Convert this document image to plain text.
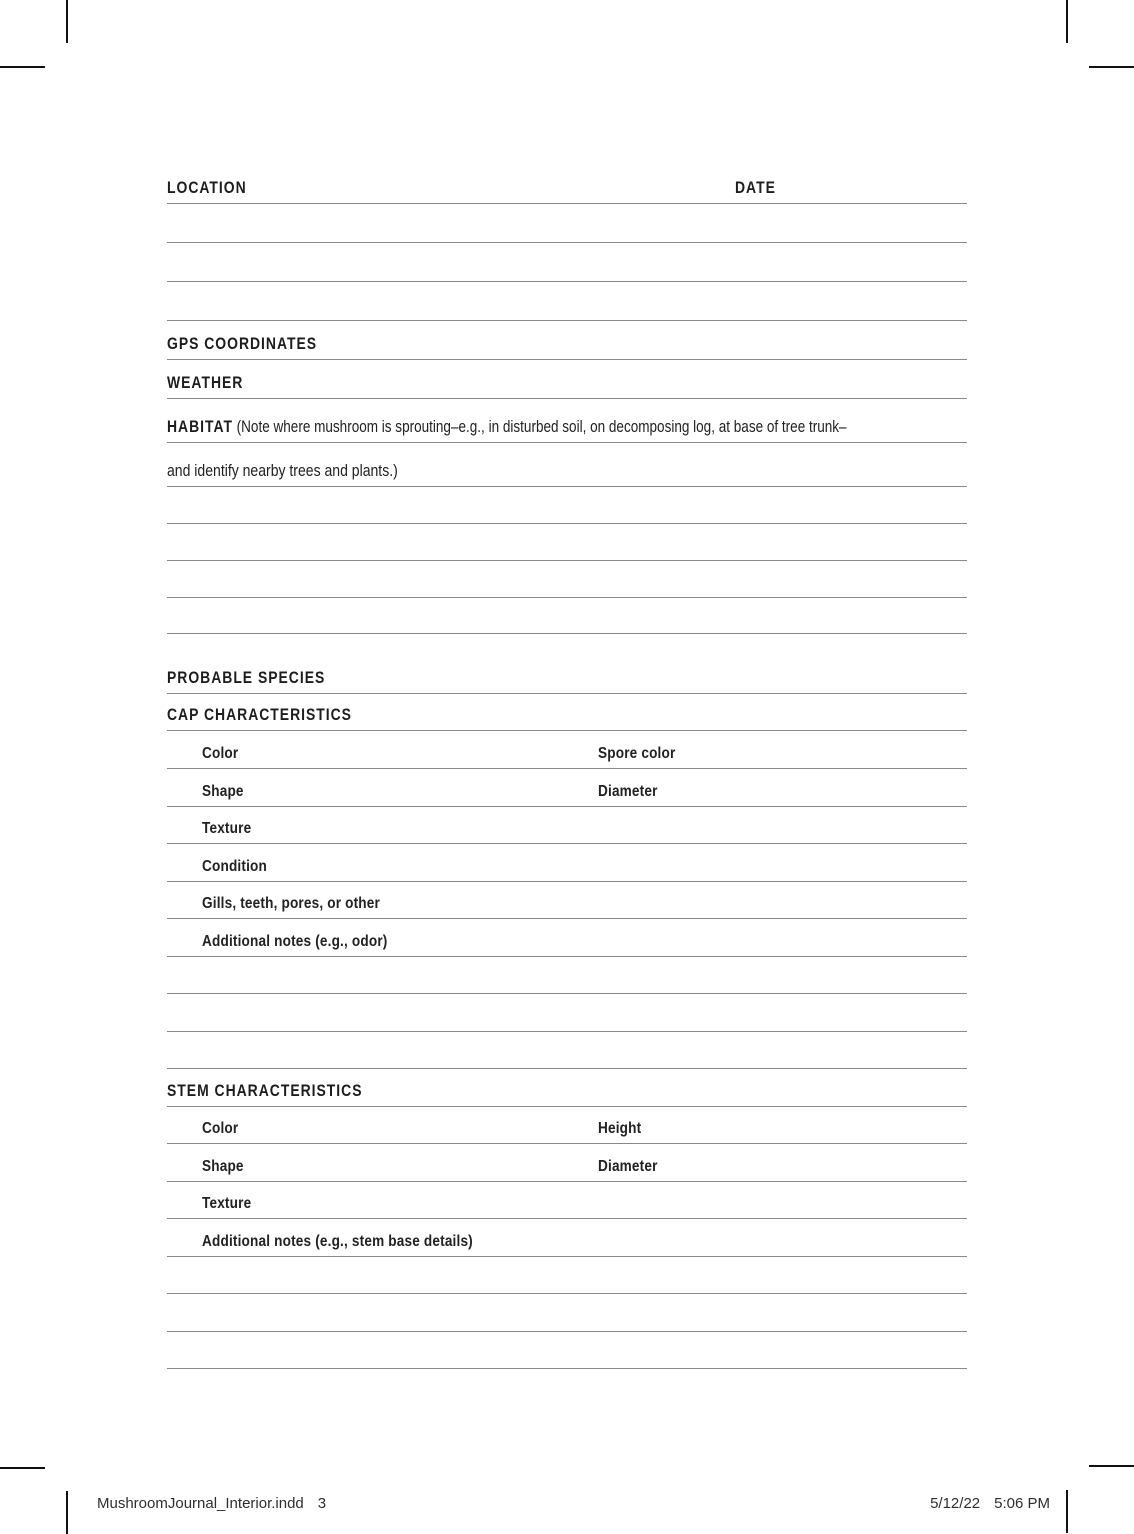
LOCATION	DATE
GPS COORDINATES
WEATHER
HABITAT (Note where mushroom is sprouting–e.g., in disturbed soil, on decomposing log, at base of tree trunk–
and identify nearby trees and plants.)
PROBABLE SPECIES
CAP CHARACTERISTICS
Color	Spore color
Shape	Diameter
Texture
Condition
Gills, teeth, pores, or other
Additional notes (e.g., odor)
STEM CHARACTERISTICS
Color	Height
Shape	Diameter
Texture
Additional notes (e.g., stem base details)
MushroomJournal_Interior.indd 3	5/12/22 5:06 PM
